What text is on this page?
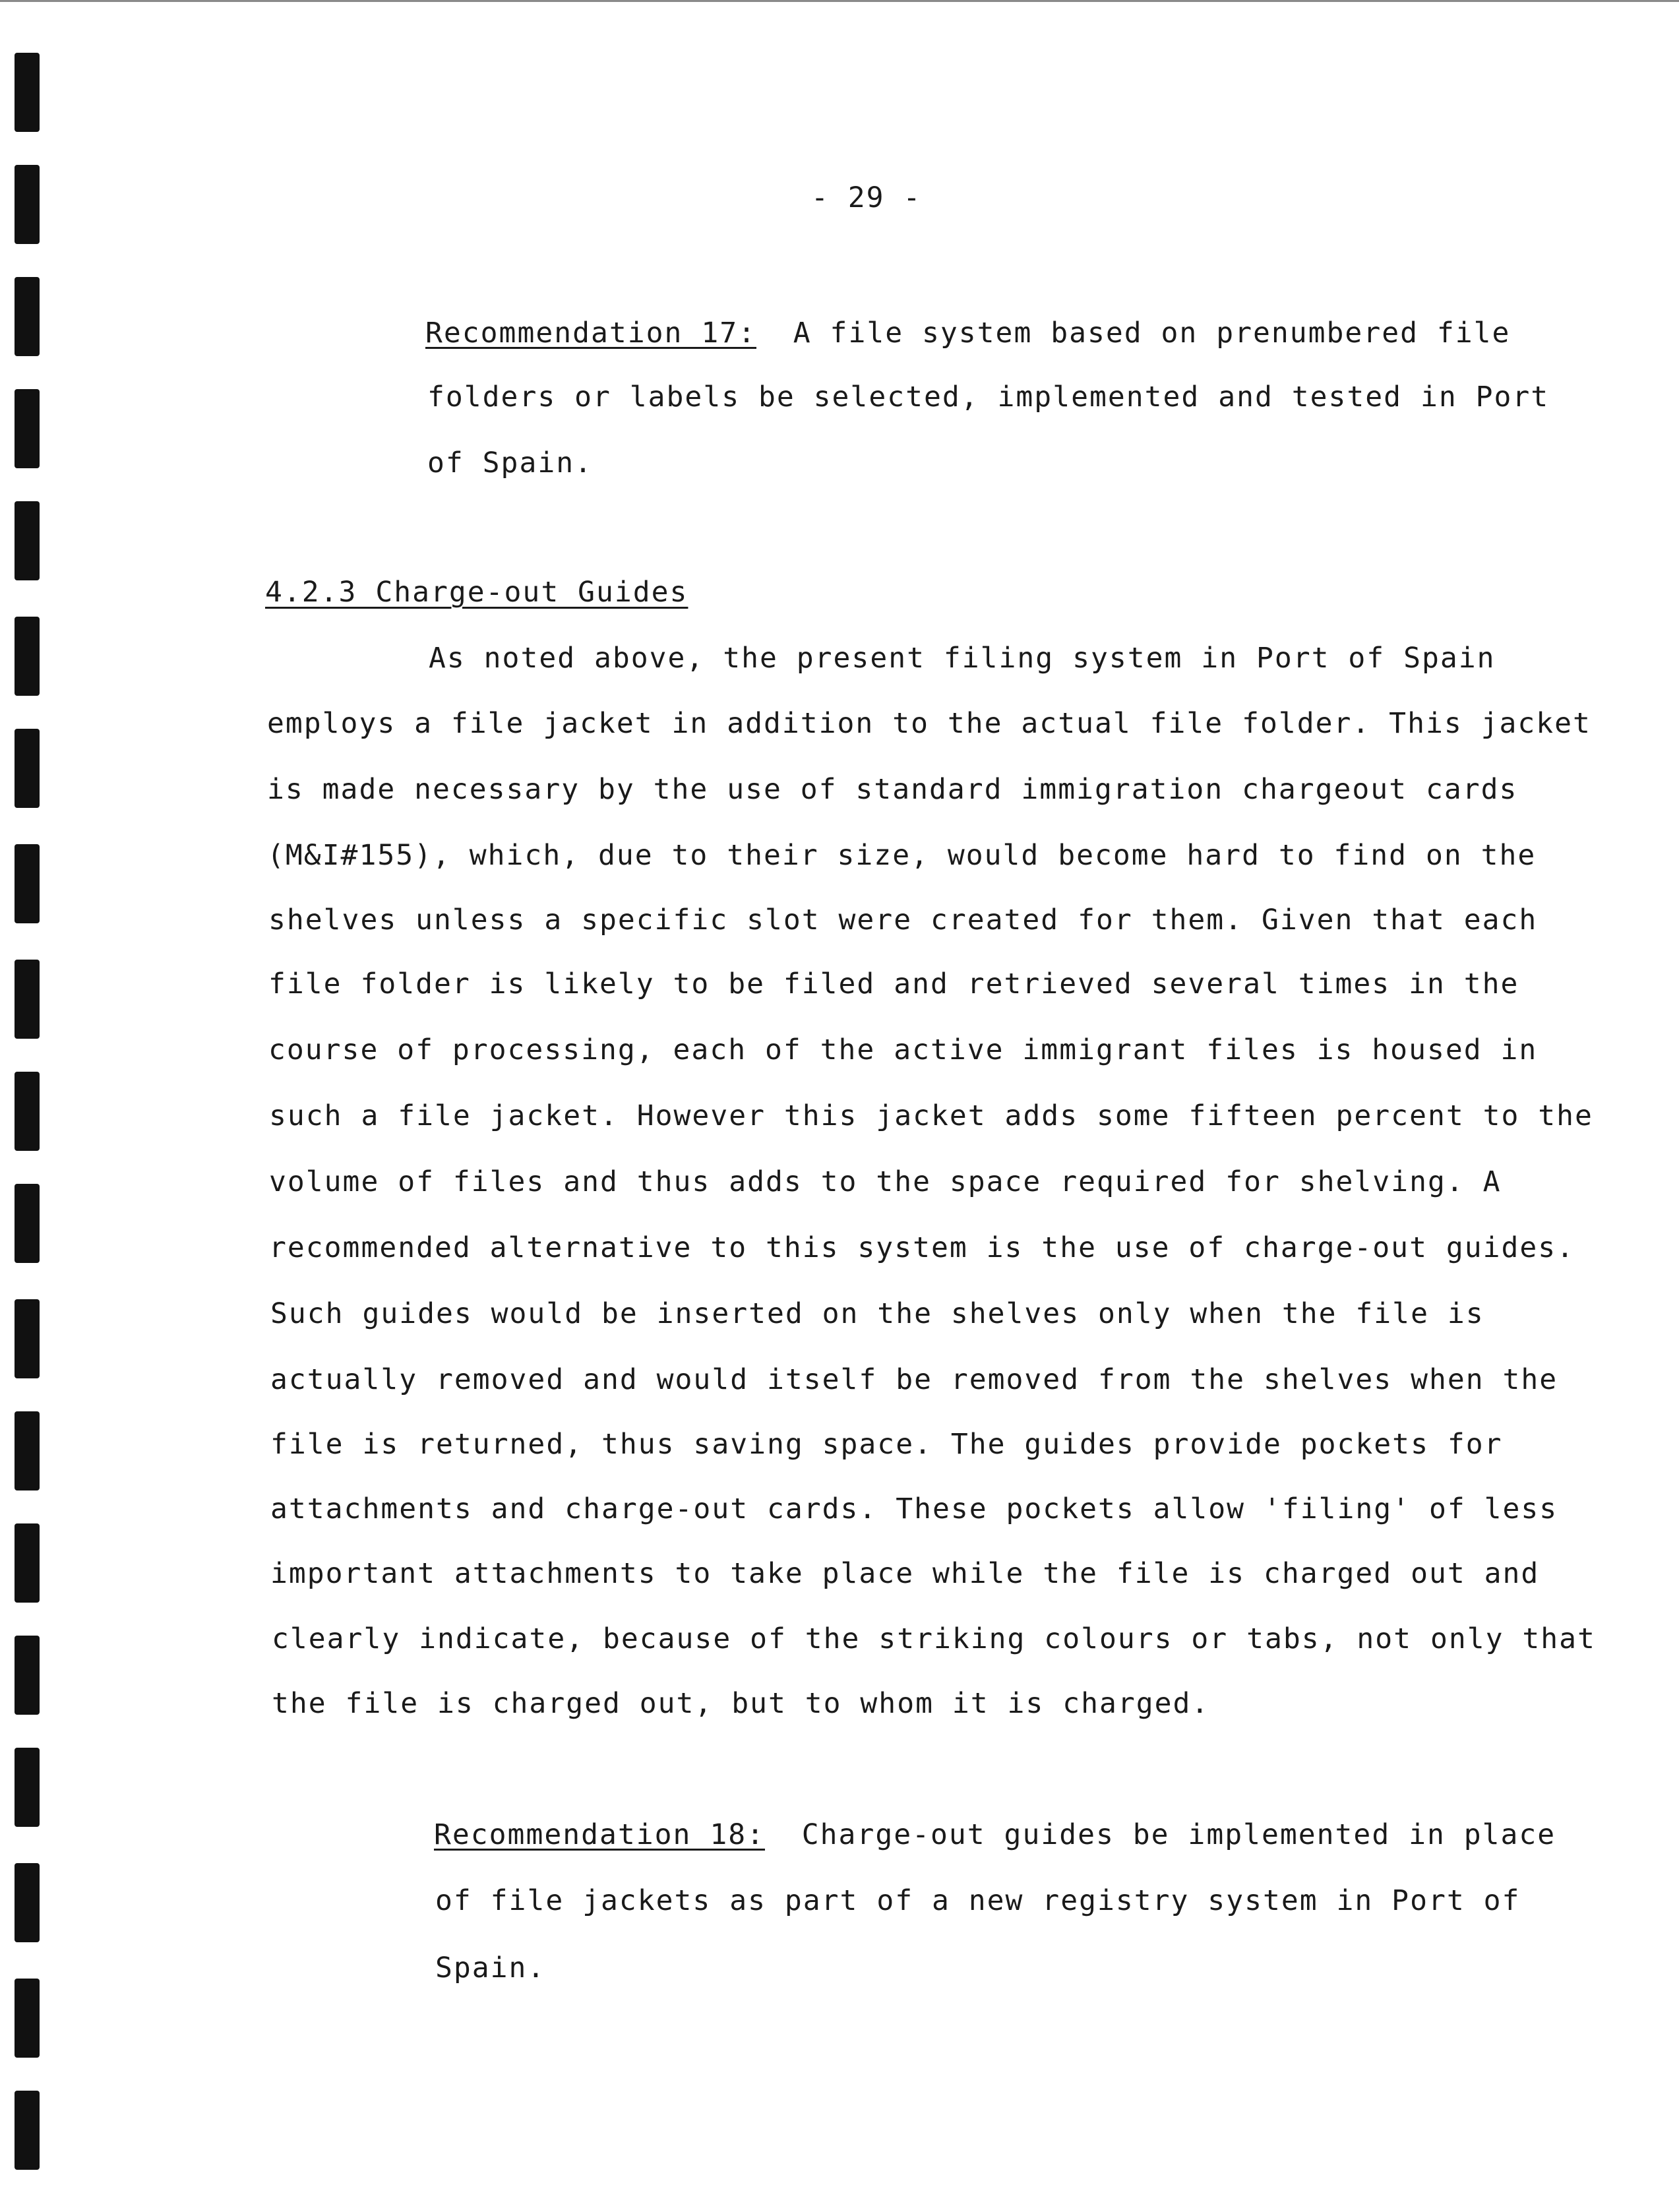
- 29 -
Recommendation 17: A file system based on prenumbered file
folders or labels be selected, implemented and tested in Port
of Spain.
4.2.3 Charge-out Guides
As noted above, the present filing system in Port of Spain
employs a file jacket in addition to the actual file folder. This jacket
is made necessary by the use of standard immigration chargeout cards
(M&I#155), which, due to their size, would become hard to find on the
shelves unless a specific slot were created for them. Given that each
file folder is likely to be filed and retrieved several times in the
course of processing, each of the active immigrant files is housed in
such a file jacket. However this jacket adds some fifteen percent to the
volume of files and thus adds to the space required for shelving. A
recommended alternative to this system is the use of charge-out guides.
Such guides would be inserted on the shelves only when the file is
actually removed and would itself be removed from the shelves when the
file is returned, thus saving space. The guides provide pockets for
attachments and charge-out cards. These pockets allow 'filing' of less
important attachments to take place while the file is charged out and
clearly indicate, because of the striking colours or tabs, not only that
the file is charged out, but to whom it is charged.
Recommendation 18: Charge-out guides be implemented in place
of file jackets as part of a new registry system in Port of
Spain.
